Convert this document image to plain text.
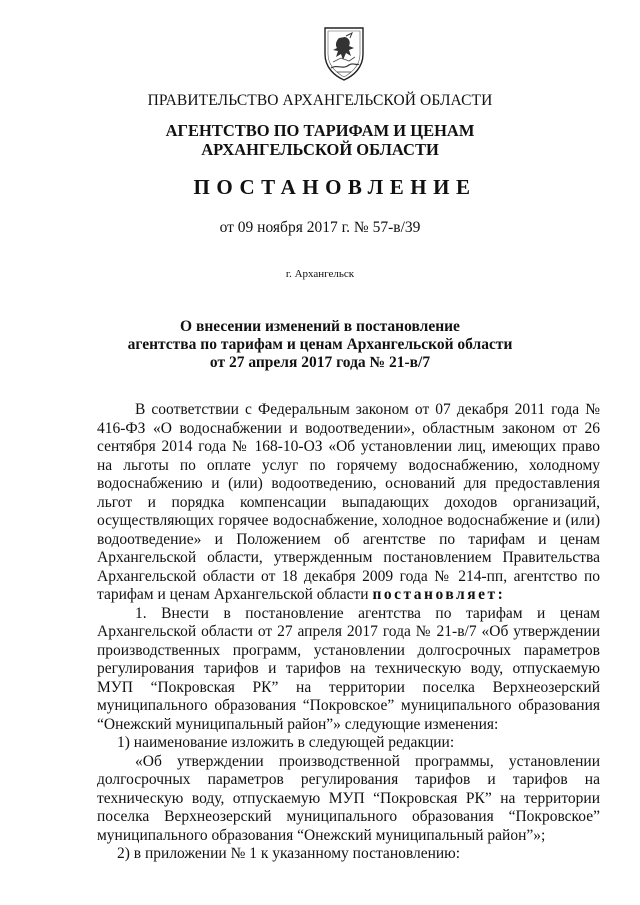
ПРАВИТЕЛЬСТВО АРХАНГЕЛЬСКОЙ ОБЛАСТИ
АГЕНТСТВО ПО ТАРИФАМ И ЦЕНАМ
АРХАНГЕЛЬСКОЙ ОБЛАСТИ
ПОСТАНОВЛЕНИЕ
от 09 ноября 2017 г. № 57-в/39
г. Архангельск
О внесении изменений в постановление
агентства по тарифам и ценам Архангельской области
от 27 апреля 2017 года № 21-в/7

В соответствии с Федеральным законом от 07 декабря 2011 года № 416-ФЗ «О водоснабжении и водоотведении», областным законом от 26 сентября 2014 года № 168-10-ОЗ «Об установлении лиц, имеющих право на льготы по оплате услуг по горячему водоснабжению, холодному водоснабжению и (или) водоотведению, оснований для предоставления льгот и порядка компенсации выпадающих доходов организаций, осуществляющих горячее водоснабжение, холодное водоснабжение и (или) водоотведение» и Положением об агентстве по тарифам и ценам Архангельской области, утвержденным постановлением Правительства Архангельской области от 18 декабря 2009 года № 214-пп, агентство по тарифам и ценам Архангельской области постановляет:

1. Внести в постановление агентства по тарифам и ценам Архангельской области от 27 апреля 2017 года № 21-в/7 «Об утверждении производственных программ, установлении долгосрочных параметров регулирования тарифов и тарифов на техническую воду, отпускаемую МУП “Покровская РК” на территории поселка Верхнеозерский муниципального образования “Покровское” муниципального образования “Онежский муниципальный район”» следующие изменения:

1) наименование изложить в следующей редакции:

«Об утверждении производственной программы, установлении долгосрочных параметров регулирования тарифов и тарифов на техническую воду, отпускаемую МУП “Покровская РК” на территории поселка Верхнеозерский муниципального образования “Покровское” муниципального образования “Онежский муниципальный район”»;

2) в приложении № 1 к указанному постановлению:
